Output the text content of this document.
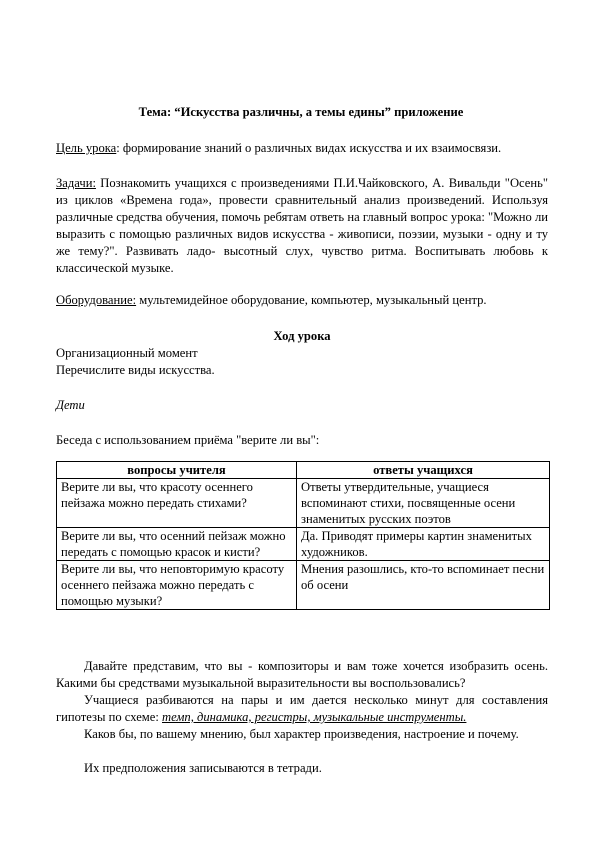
Тема: “Искусства различны, а темы едины” приложение
Цель урока: формирование знаний о различных видах искусства и их взаимосвязи.
Задачи: Познакомить учащихся с произведениями П.И.Чайковского, А. Вивальди "Осень" из циклов «Времена года», провести сравнительный анализ произведений. Используя различные средства обучения, помочь ребятам ответь на главный вопрос урока: "Можно ли выразить с помощью различных видов искусства - живописи, поэзии, музыки - одну и ту же тему?". Развивать ладо- высотный слух, чувство ритма. Воспитывать любовь к классической музыке.
Оборудование: мультемидейное оборудование, компьютер, музыкальный центр.
Ход урока
Организационный момент
Перечислите виды искусства.
Дети
Беседа с использованием приёма "верите ли вы":
вопросы учителя	ответы учащихся
Верите ли вы, что красоту осеннего пейзажа можно передать стихами?	Ответы утвердительные, учащиеся вспоминают стихи, посвященные осени знаменитых русских поэтов
Верите ли вы, что осенний пейзаж можно передать с помощью красок и кисти?	Да. Приводят примеры картин знаменитых художников.
Верите ли вы, что неповторимую красоту осеннего пейзажа можно передать с помощью музыки?	Мнения разошлись, кто-то вспоминает песни об осени
Давайте представим, что вы - композиторы и вам тоже хочется изобразить осень. Какими бы средствами музыкальной выразительности вы воспользовались?
Учащиеся разбиваются на пары и им дается несколько минут для составления гипотезы по схеме: темп, динамика, регистры, музыкальные инструменты.
Каков бы, по вашему мнению, был характер произведения, настроение и почему.
Их предположения записываются в тетради.
